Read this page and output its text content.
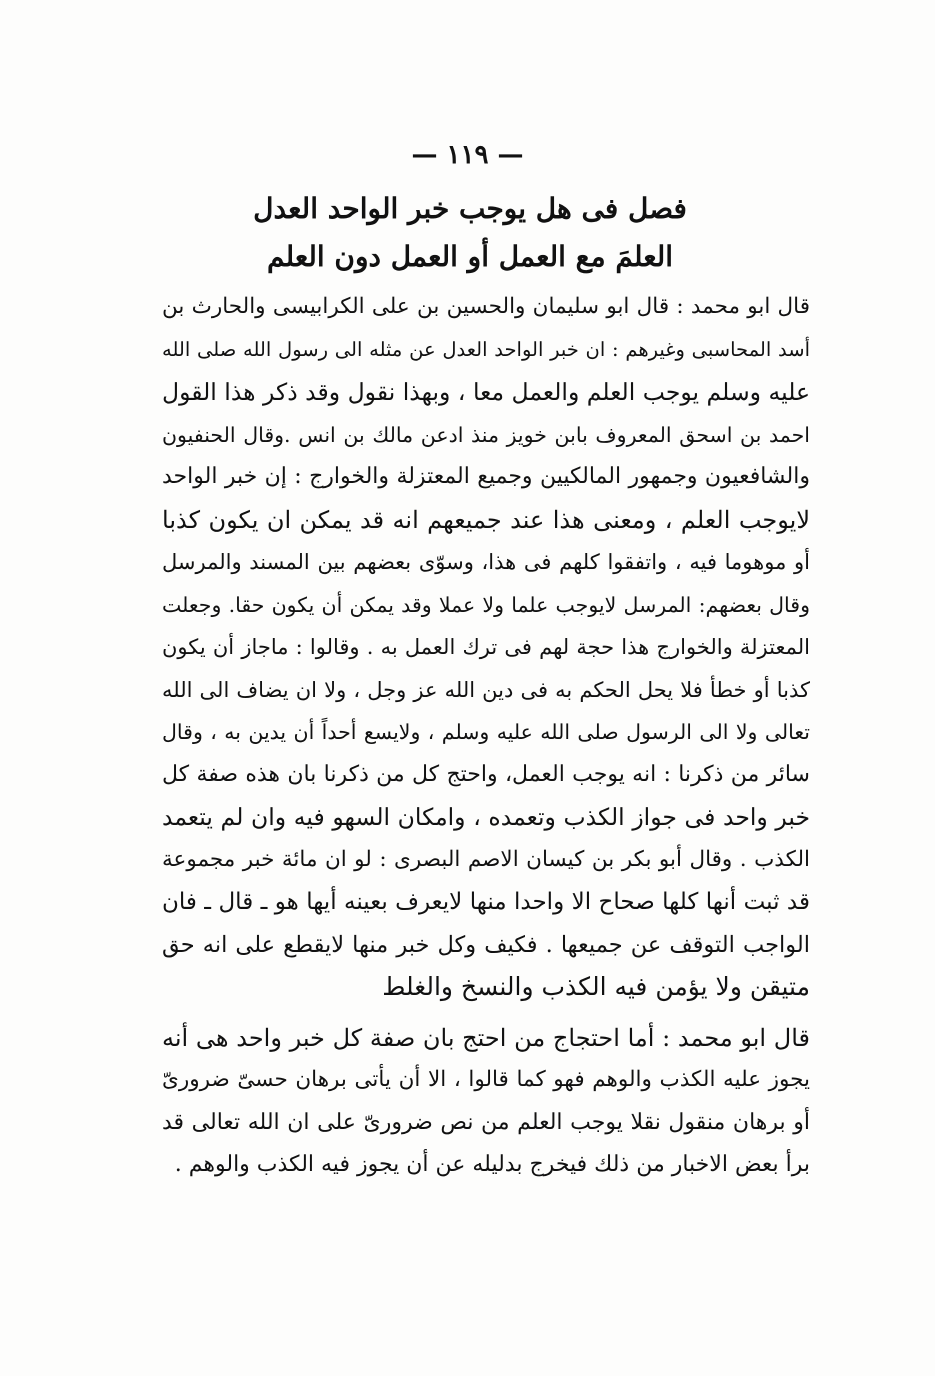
— ١١٩ —
فصل فى هل يوجب خبر الواحد العدل
العلمَ مع العمل أو العمل دون العلم
قال ابو محمد : قال ابو سليمان والحسين بن على الكرابيسى والحارث بن
أسد المحاسبى وغيرهم : ان خبر الواحد العدل عن مثله الى رسول الله صلى الله
عليه وسلم يوجب العلم والعمل معا ، وبهذا نقول وقد ذكر هذا القول
احمد بن اسحق المعروف بابن خويز منذ ادعن مالك بن انس .وقال الحنفيون
والشافعيون وجمهور المالكيين وجميع المعتزلة والخوارج : إن خبر الواحد
لايوجب العلم ، ومعنى هذا عند جميعهم انه قد يمكن ان يكون كذبا
أو موهوما فيه ، واتفقوا كلهم فى هذا، وسوّى بعضهم بين المسند والمرسل
وقال بعضهم: المرسل لايوجب علما ولا عملا وقد يمكن أن يكون حقا. وجعلت
المعتزلة والخوارج هذا حجة لهم فى ترك العمل به . وقالوا : ماجاز أن يكون
كذبا أو خطأ فلا يحل الحكم به فى دين الله عز وجل ، ولا ان يضاف الى الله
تعالى ولا الى الرسول صلى الله عليه وسلم ، ولايسع أحداً أن يدين به ، وقال
سائر من ذكرنا : انه يوجب العمل، واحتج كل من ذكرنا بان هذه صفة كل
خبر واحد فى جواز الكذب وتعمده ، وامكان السهو فيه وان لم يتعمد
الكذب . وقال أبو بكر بن كيسان الاصم البصرى : لو ان مائة خبر مجموعة
قد ثبت أنها كلها صحاح الا واحدا منها لايعرف بعينه أيها هو ـ قال ـ فان
الواجب التوقف عن جميعها . فكيف وكل خبر منها لايقطع على انه حق
متيقن ولا يؤمن فيه الكذب والنسخ والغلط
قال ابو محمد : أما احتجاج من احتج بان صفة كل خبر واحد هى أنه
يجوز عليه الكذب والوهم فهو كما قالوا ، الا أن يأتى برهان حسىّ ضرورىّ
أو برهان منقول نقلا يوجب العلم من نص ضرورىّ على ان الله تعالى قد
برأ بعض الاخبار من ذلك فيخرج بدليله عن أن يجوز فيه الكذب والوهم .
